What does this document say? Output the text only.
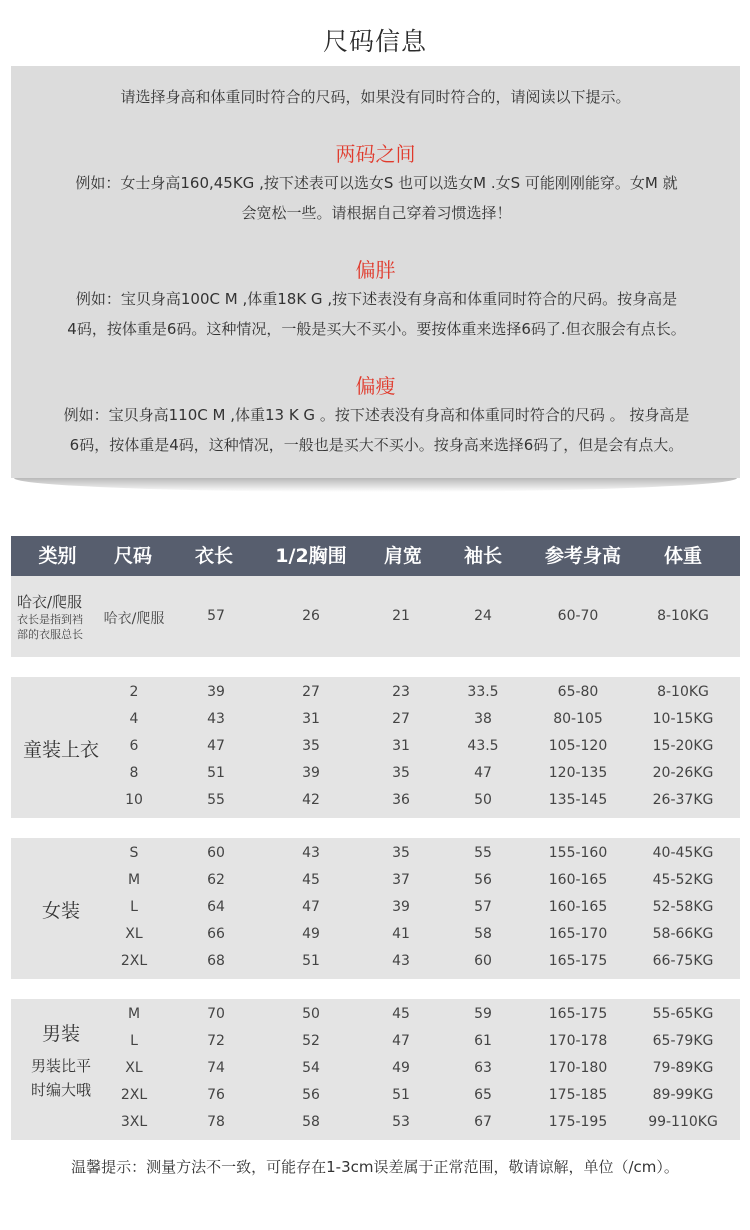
尺码信息
请选择身高和体重同时符合的尺码，如果没有同时符合的，请阅读以下提示。
两码之间
例如：女士身高160,45KG ,按下述表可以选女S 也可以选女M .女S 可能刚刚能穿。女M 就
会宽松一些。请根据自己穿着习惯选择！
偏胖
例如：宝贝身高100C M ,体重18K G ,按下述表没有身高和体重同时符合的尺码。按身高是
4码，按体重是6码。这种情况，一般是买大不买小。要按体重来选择6码了.但衣服会有点长。
偏瘦
例如：宝贝身高110C M ,体重13 K G 。按下述表没有身高和体重同时符合的尺码 。 按身高是
6码，按体重是4码，这种情况，一般也是买大不买小。按身高来选择6码了，但是会有点大。
类别	尺码	衣长	1/2胸围	肩宽	袖长	参考身高	体重
哈衣/爬服
衣长是指到裆
部的衣服总长
哈衣/爬服	57	26	21	24	60-70	8-10KG
童装上衣
2	39	27	23	33.5	65-80	8-10KG
4	43	31	27	38	80-105	10-15KG
6	47	35	31	43.5	105-120	15-20KG
8	51	39	35	47	120-135	20-26KG
10	55	42	36	50	135-145	26-37KG
女装
S	60	43	35	55	155-160	40-45KG
M	62	45	37	56	160-165	45-52KG
L	64	47	39	57	160-165	52-58KG
XL	66	49	41	58	165-170	58-66KG
2XL	68	51	43	60	165-175	66-75KG
男装
男装比平
时编大哦
M	70	50	45	59	165-175	55-65KG
L	72	52	47	61	170-178	65-79KG
XL	74	54	49	63	170-180	79-89KG
2XL	76	56	51	65	175-185	89-99KG
3XL	78	58	53	67	175-195	99-110KG
温馨提示：测量方法不一致，可能存在1-3cm误差属于正常范围，敬请谅解，单位（/cm）。
